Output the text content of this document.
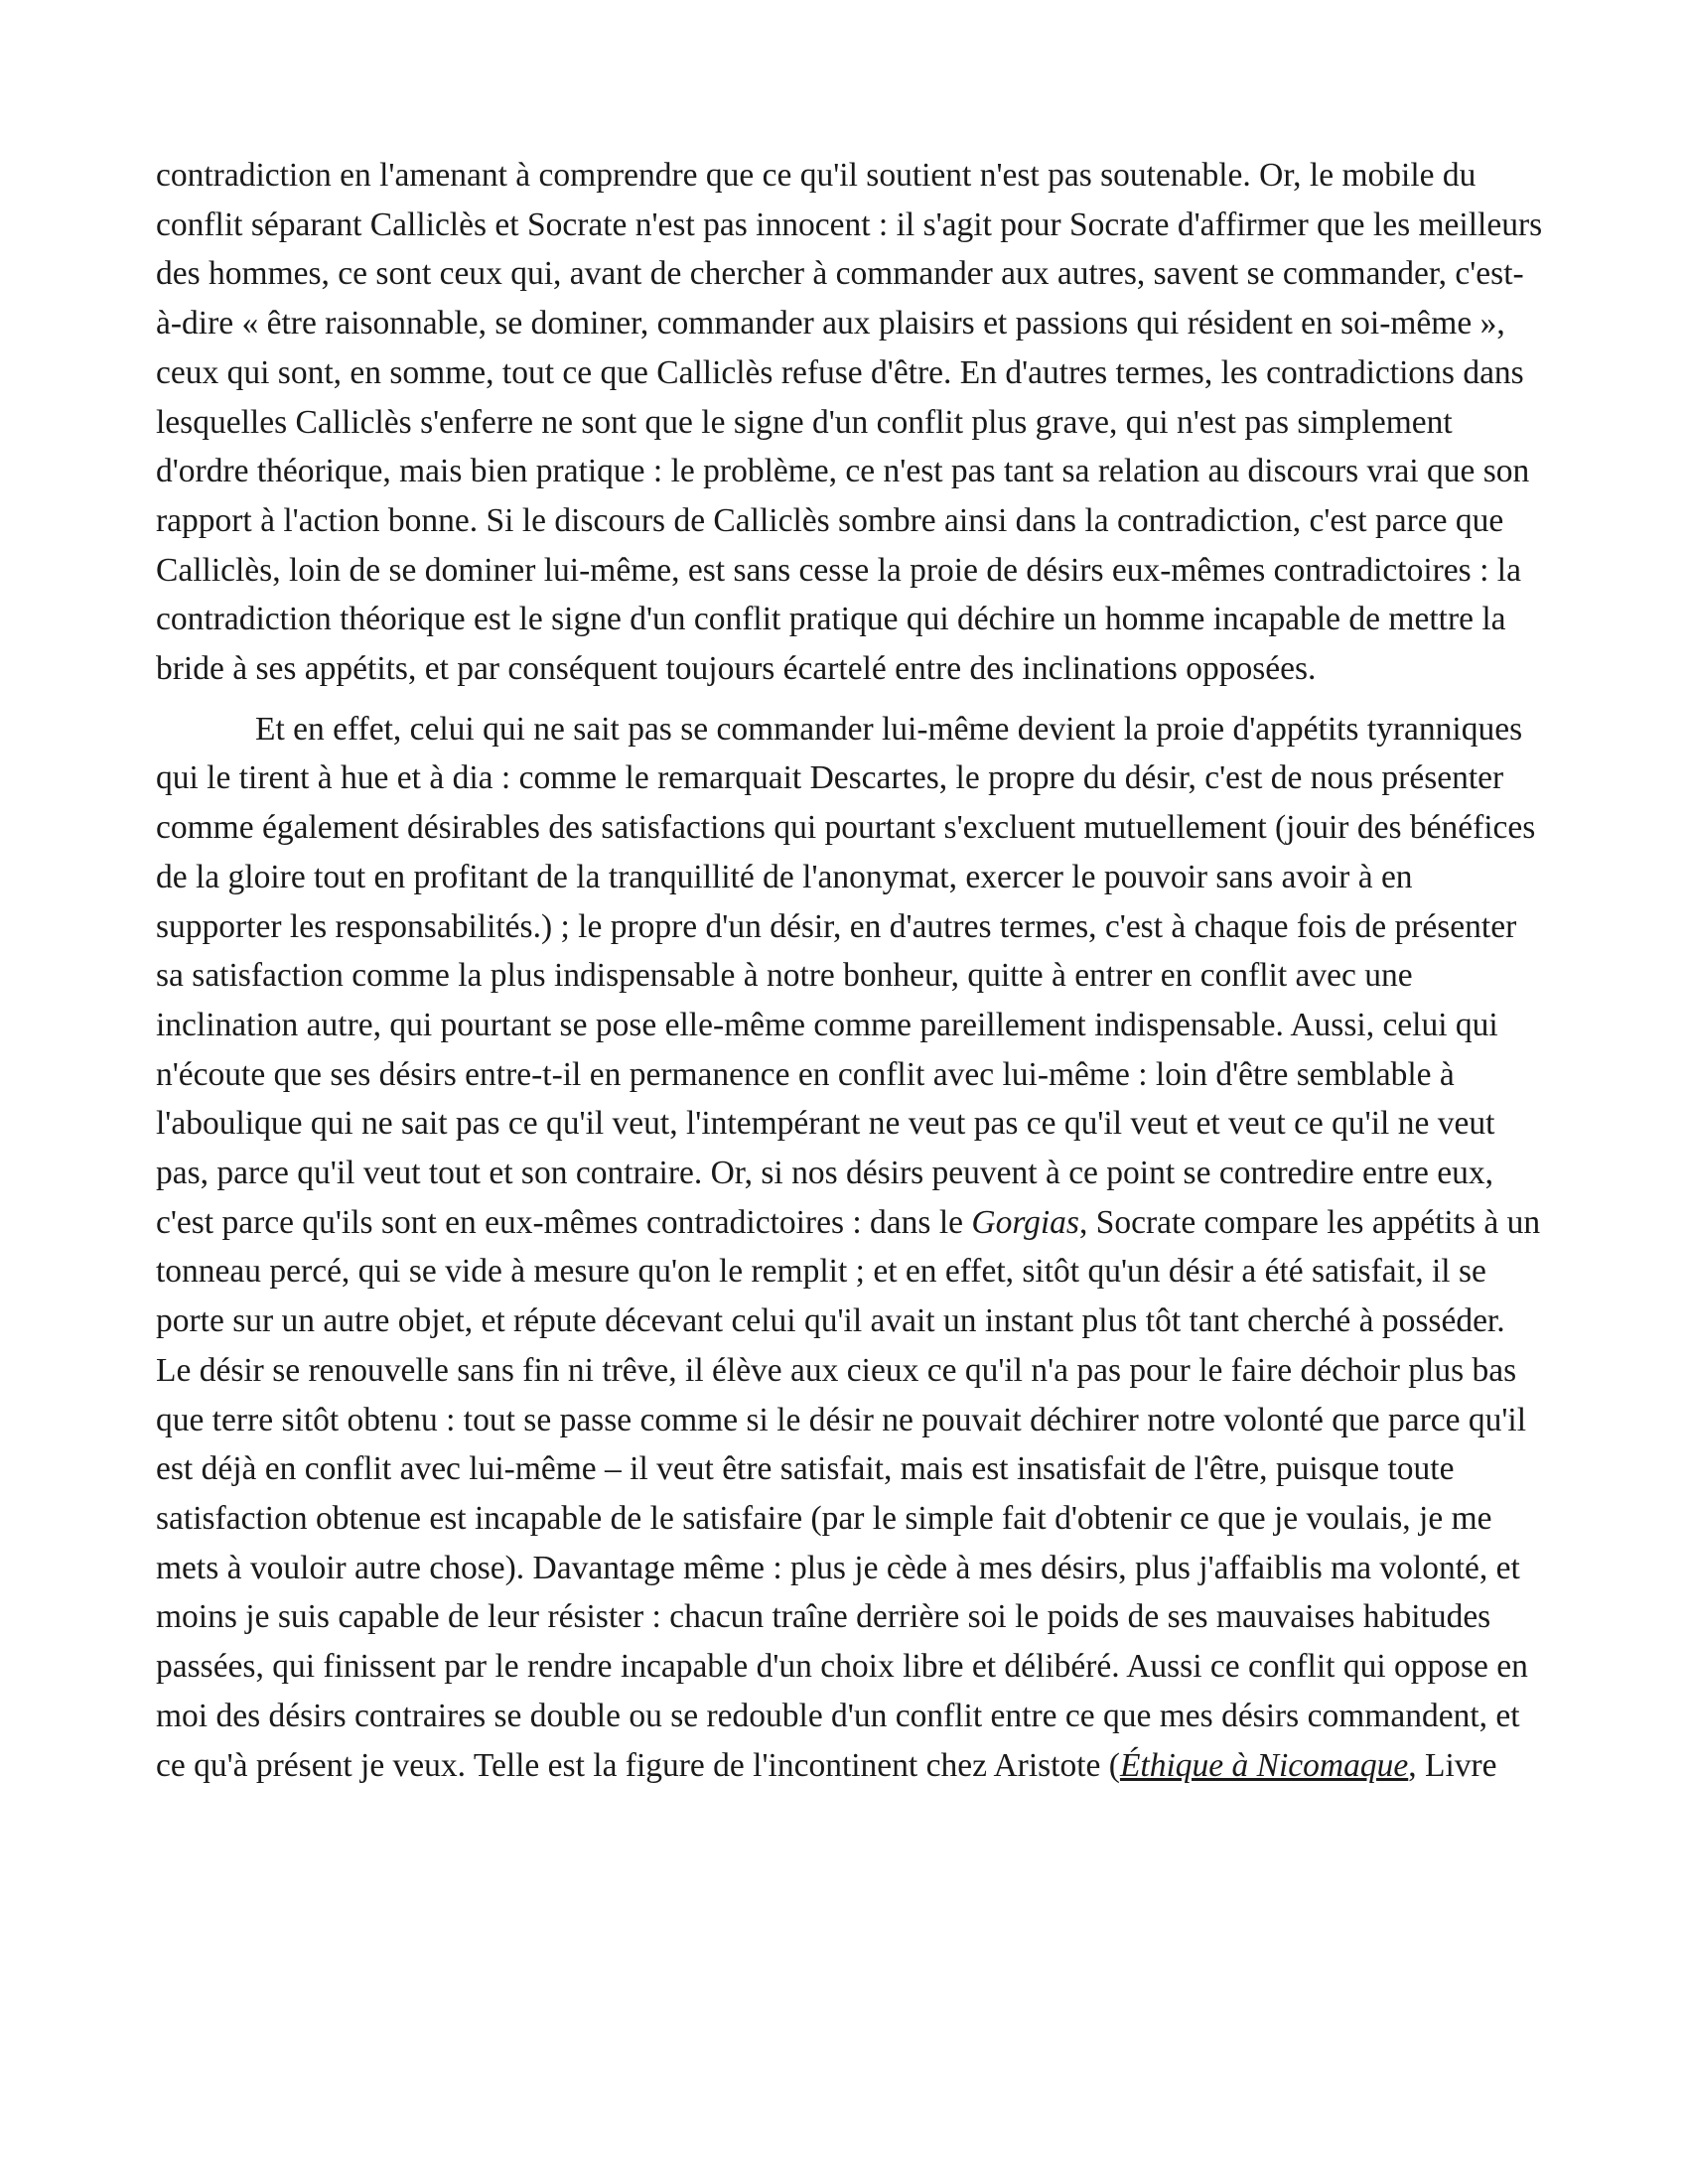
contradiction en l'amenant à comprendre que ce qu'il soutient n'est pas soutenable. Or, le mobile du conflit séparant Calliclès et Socrate n'est pas innocent : il s'agit pour Socrate d'affirmer que les meilleurs des hommes, ce sont ceux qui, avant de chercher à commander aux autres, savent se commander, c'est-à-dire « être raisonnable, se dominer, commander aux plaisirs et passions qui résident en soi-même », ceux qui sont, en somme, tout ce que Calliclès refuse d'être. En d'autres termes, les contradictions dans lesquelles Calliclès s'enferre ne sont que le signe d'un conflit plus grave, qui n'est pas simplement d'ordre théorique, mais bien pratique : le problème, ce n'est pas tant sa relation au discours vrai que son rapport à l'action bonne. Si le discours de Calliclès sombre ainsi dans la contradiction, c'est parce que Calliclès, loin de se dominer lui-même, est sans cesse la proie de désirs eux-mêmes contradictoires : la contradiction théorique est le signe d'un conflit pratique qui déchire un homme incapable de mettre la bride à ses appétits, et par conséquent toujours écartelé entre des inclinations opposées.

Et en effet, celui qui ne sait pas se commander lui-même devient la proie d'appétits tyranniques qui le tirent à hue et à dia : comme le remarquait Descartes, le propre du désir, c'est de nous présenter comme également désirables des satisfactions qui pourtant s'excluent mutuellement (jouir des bénéfices de la gloire tout en profitant de la tranquillité de l'anonymat, exercer le pouvoir sans avoir à en supporter les responsabilités.) ; le propre d'un désir, en d'autres termes, c'est à chaque fois de présenter sa satisfaction comme la plus indispensable à notre bonheur, quitte à entrer en conflit avec une inclination autre, qui pourtant se pose elle-même comme pareillement indispensable. Aussi, celui qui n'écoute que ses désirs entre-t-il en permanence en conflit avec lui-même : loin d'être semblable à l'aboulique qui ne sait pas ce qu'il veut, l'intempérant ne veut pas ce qu'il veut et veut ce qu'il ne veut pas, parce qu'il veut tout et son contraire. Or, si nos désirs peuvent à ce point se contredire entre eux, c'est parce qu'ils sont en eux-mêmes contradictoires : dans le Gorgias, Socrate compare les appétits à un tonneau percé, qui se vide à mesure qu'on le remplit ; et en effet, sitôt qu'un désir a été satisfait, il se porte sur un autre objet, et répute décevant celui qu'il avait un instant plus tôt tant cherché à posséder. Le désir se renouvelle sans fin ni trêve, il élève aux cieux ce qu'il n'a pas pour le faire déchoir plus bas que terre sitôt obtenu : tout se passe comme si le désir ne pouvait déchirer notre volonté que parce qu'il est déjà en conflit avec lui-même – il veut être satisfait, mais est insatisfait de l'être, puisque toute satisfaction obtenue est incapable de le satisfaire (par le simple fait d'obtenir ce que je voulais, je me mets à vouloir autre chose). Davantage même : plus je cède à mes désirs, plus j'affaiblis ma volonté, et moins je suis capable de leur résister : chacun traîne derrière soi le poids de ses mauvaises habitudes passées, qui finissent par le rendre incapable d'un choix libre et délibéré. Aussi ce conflit qui oppose en moi des désirs contraires se double ou se redouble d'un conflit entre ce que mes désirs commandent, et ce qu'à présent je veux. Telle est la figure de l'incontinent chez Aristote (Éthique à Nicomaque, Livre
